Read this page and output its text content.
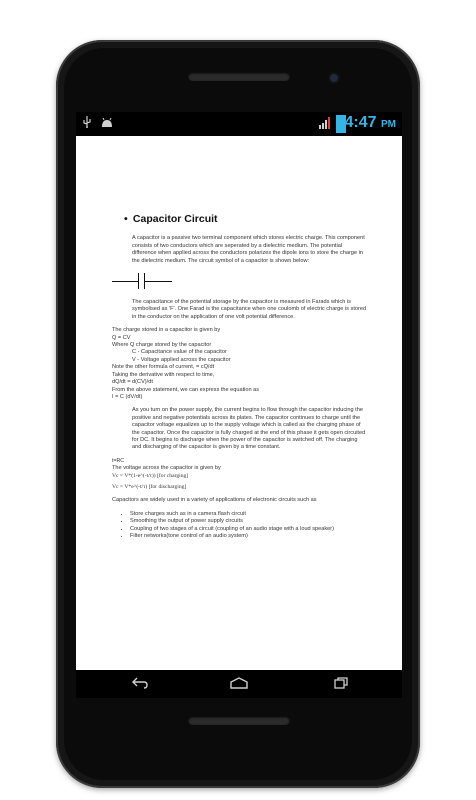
4:47 PM
• Capacitor Circuit
A capacitor is a passive two terminal component which stores electric charge. This component consists of two conductors which are seperated by a dielectric medium. The potential difference when applied across the conductors polarizes the dipole ions to store the charge in the dielectric medium. The circuit symbol of a capacitor is shown below:
The capacitance of the potential storage by the capacitor is measured in Farads which is symbolised as 'F'. One Farad is the capacitance when one coulomb of electric charge is stored in the conductor on the application of one volt potential difference.
The charge stored in a capacitor is given by
Q = CV
Where Q charge stored by the capacitor
C - Capacitance value of the capacitor
V - Voltage applied across the capacitor
Note the other formula of current, = cQ/dt
Taking the derivative with respect to time,
dQ/dt = d(CV)/dt
From the above statement, we can express the equation as
I = C (dV/dt)
As you turn on the power supply, the current begins to flow through the capacitor inducing the positive and negative potentials across its plates. The capacitor continues to charge until the capacitor voltage equalizes up to the supply voltage which is called as the charging phase of the capacitor. Once the capacitor is fully charged at the end of this phase it gets open circuited for DC. It begins to discharge when the power of the capacitor is switched off. The charging and discharging of the capacitor is given by a time constant.
t=RC
The voltage across the capacitor is given by
Vc = V*(1-e^(-t/τ)) [for charging]
Vc = V*e^(-t/τ) [for discharging]
Capacitors are widely used in a variety of applications of electronic circuits such as
• Store charges such as in a camera flash circuit
• Smoothing the output of power supply circuits
• Coupling of two stages of a circuit (coupling of an audio stage with a loud speaker)
• Filter networks(tone control of an audio system)
